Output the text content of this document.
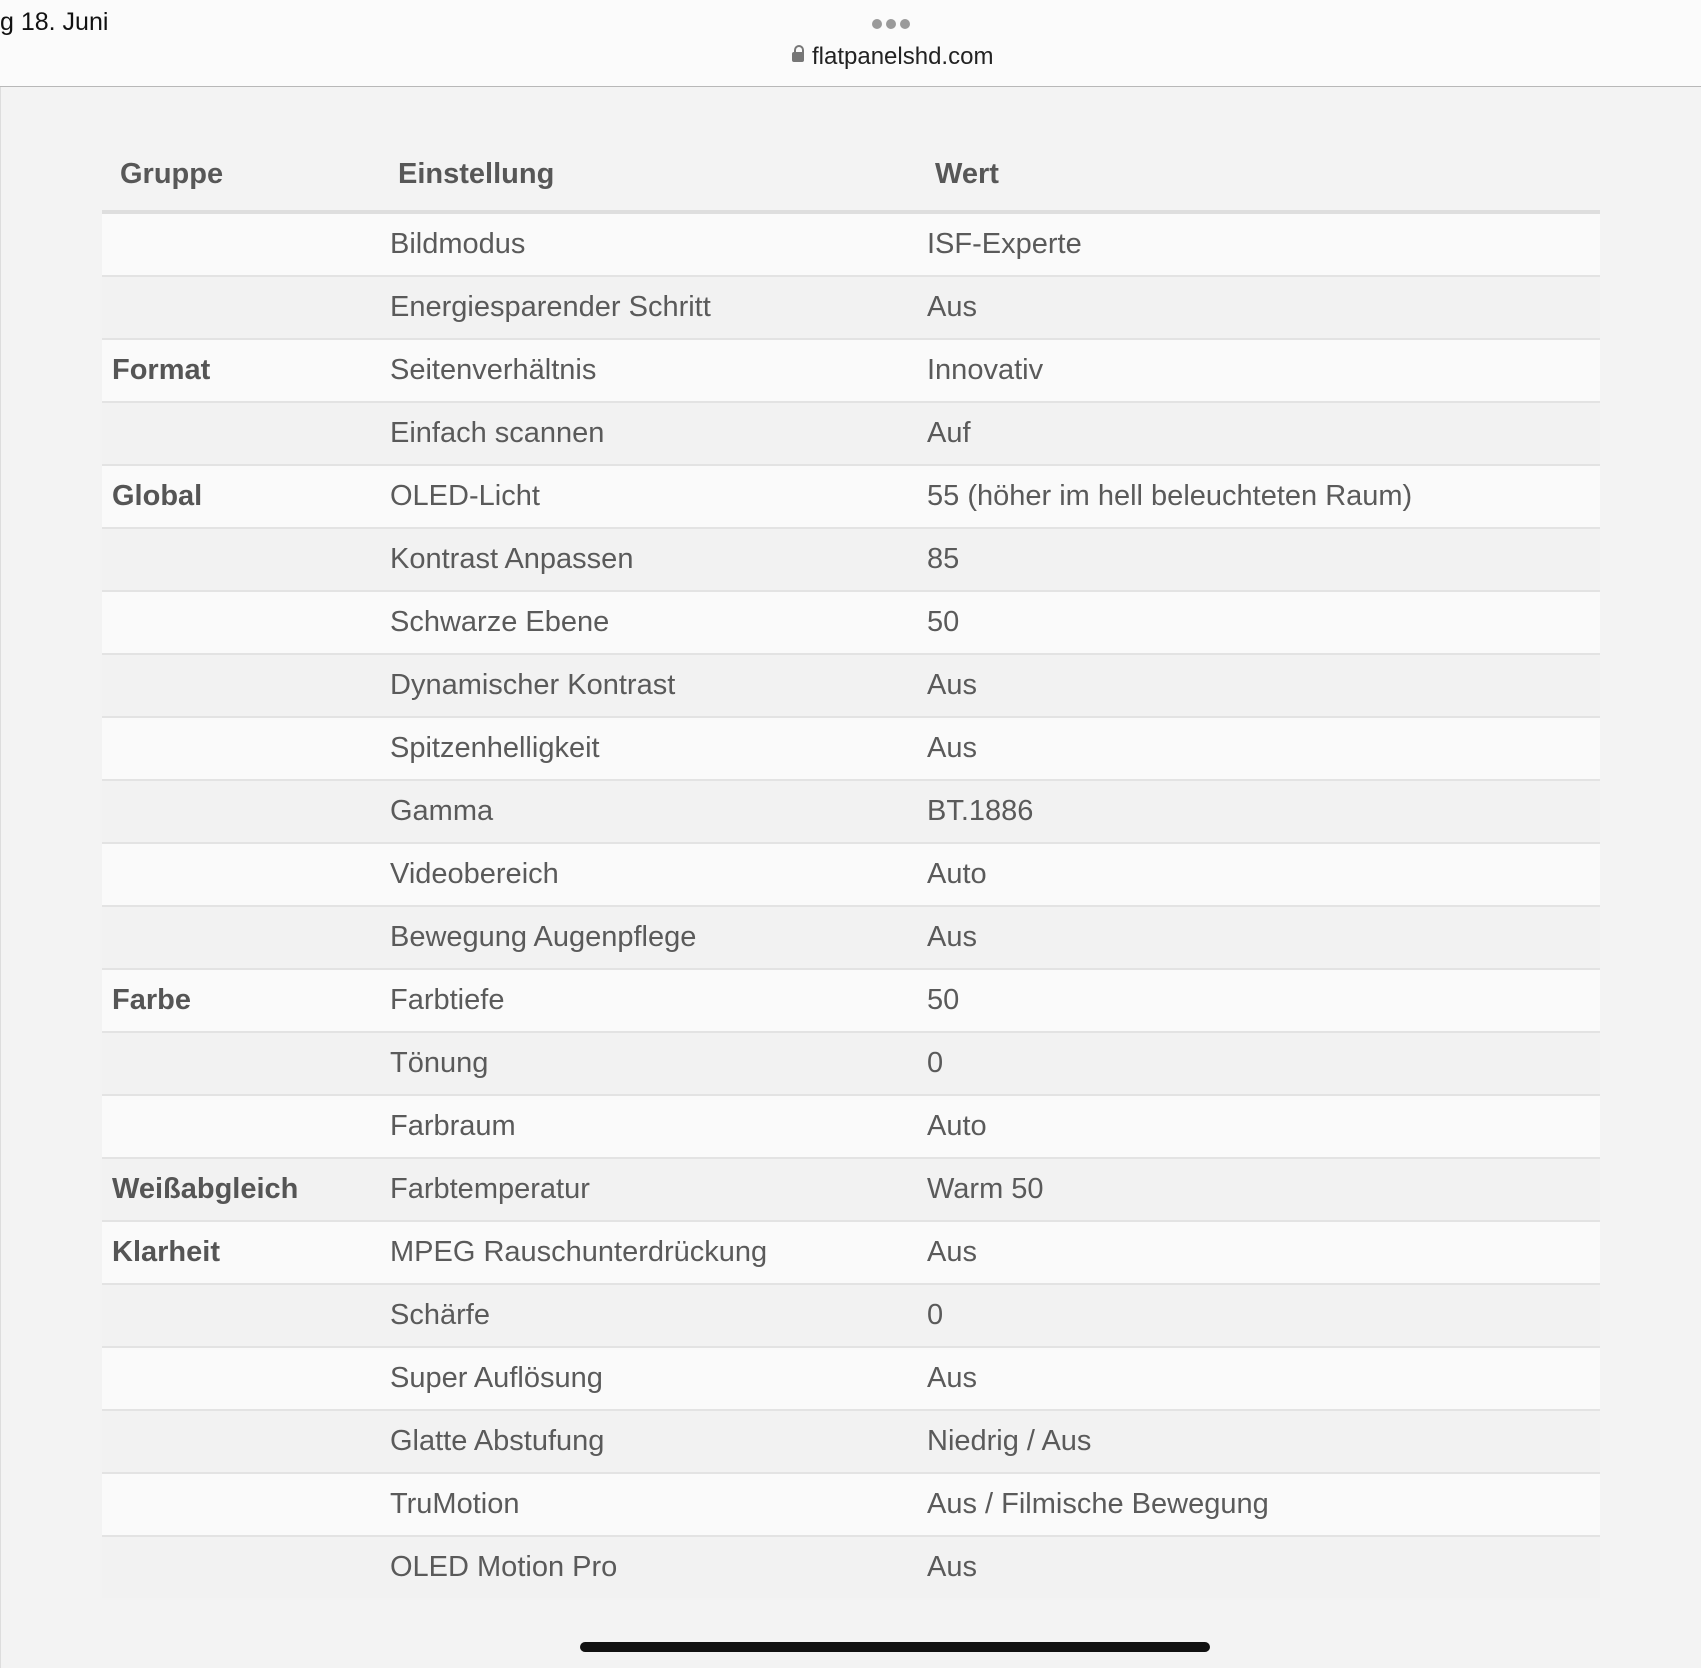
g 18. Juni
flatpanelshd.com
Gruppe	Einstellung	Wert
	Bildmodus	ISF-Experte
	Energiesparender Schritt	Aus
Format	Seitenverhältnis	Innovativ
	Einfach scannen	Auf
Global	OLED-Licht	55 (höher im hell beleuchteten Raum)
	Kontrast Anpassen	85
	Schwarze Ebene	50
	Dynamischer Kontrast	Aus
	Spitzenhelligkeit	Aus
	Gamma	BT.1886
	Videobereich	Auto
	Bewegung Augenpflege	Aus
Farbe	Farbtiefe	50
	Tönung	0
	Farbraum	Auto
Weißabgleich	Farbtemperatur	Warm 50
Klarheit	MPEG Rauschunterdrückung	Aus
	Schärfe	0
	Super Auflösung	Aus
	Glatte Abstufung	Niedrig / Aus
	TruMotion	Aus / Filmische Bewegung
	OLED Motion Pro	Aus
